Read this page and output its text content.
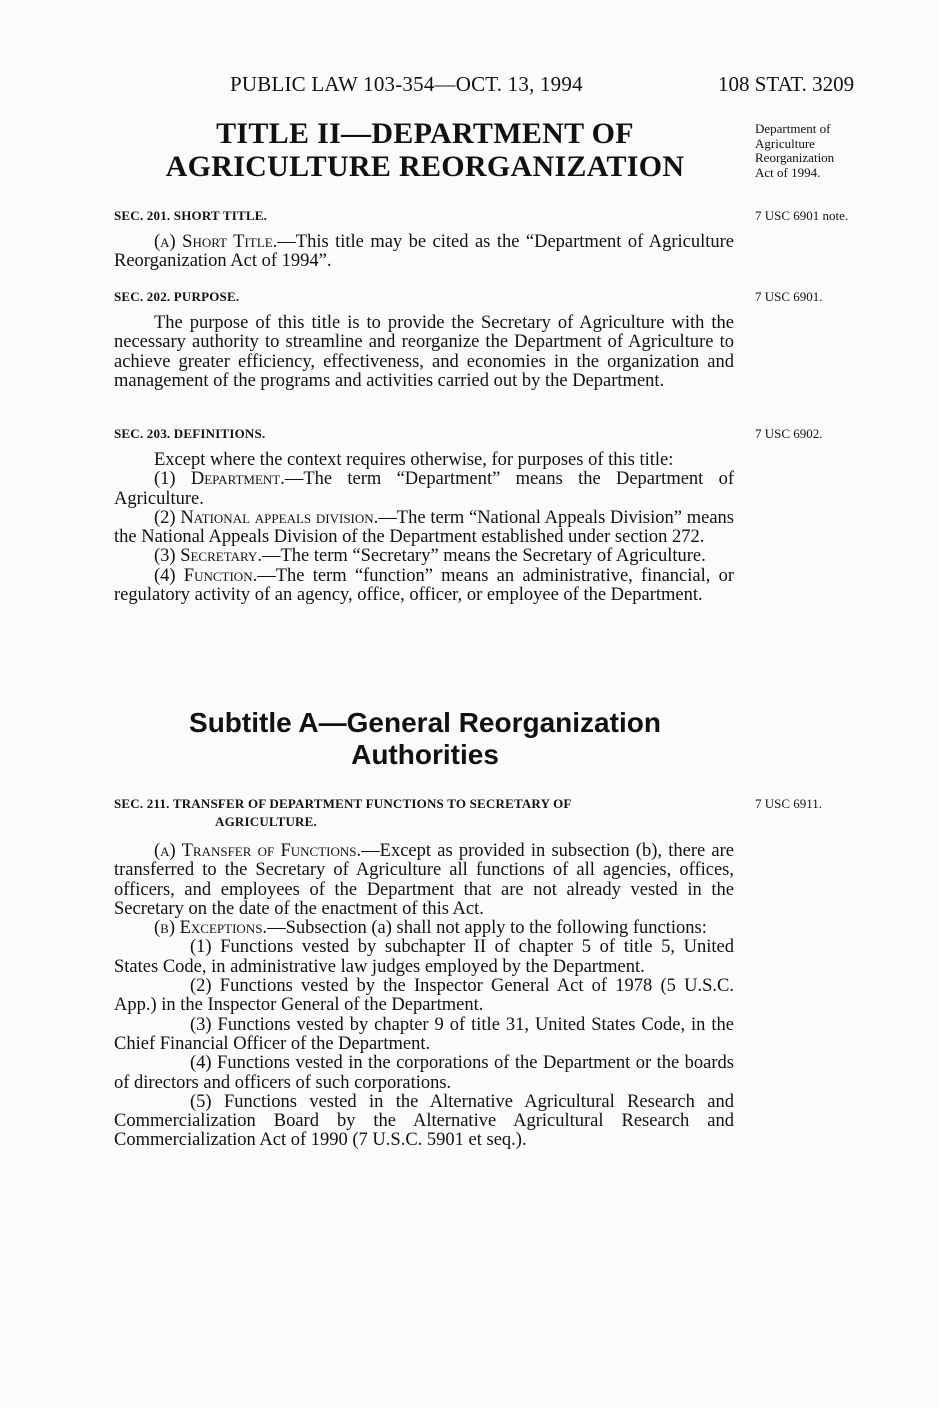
PUBLIC LAW 103-354—OCT. 13, 1994	108 STAT. 3209
TITLE II—DEPARTMENT OF
AGRICULTURE REORGANIZATION
Department of
Agriculture
Reorganization
Act of 1994.
SEC. 201. SHORT TITLE.	7 USC 6901 note.

(a) Short Title.—This title may be cited as the “Department of Agriculture Reorganization Act of 1994”.

SEC. 202. PURPOSE.	7 USC 6901.

The purpose of this title is to provide the Secretary of Agriculture with the necessary authority to streamline and reorganize the Department of Agriculture to achieve greater efficiency, effectiveness, and economies in the organization and management of the programs and activities carried out by the Department.

SEC. 203. DEFINITIONS.	7 USC 6902.

Except where the context requires otherwise, for purposes of this title:

(1) Department.—The term “Department” means the Department of Agriculture.

(2) National appeals division.—The term “National Appeals Division” means the National Appeals Division of the Department established under section 272.

(3) Secretary.—The term “Secretary” means the Secretary of Agriculture.

(4) Function.—The term “function” means an administrative, financial, or regulatory activity of an agency, office, officer, or employee of the Department.

Subtitle A—General Reorganization
Authorities
SEC. 211. TRANSFER OF DEPARTMENT FUNCTIONS TO SECRETARY OF
AGRICULTURE.
7 USC 6911.

(a) Transfer of Functions.—Except as provided in subsection (b), there are transferred to the Secretary of Agriculture all functions of all agencies, offices, officers, and employees of the Department that are not already vested in the Secretary on the date of the enactment of this Act.

(b) Exceptions.—Subsection (a) shall not apply to the following functions:

(1) Functions vested by subchapter II of chapter 5 of title 5, United States Code, in administrative law judges employed by the Department.

(2) Functions vested by the Inspector General Act of 1978 (5 U.S.C. App.) in the Inspector General of the Department.

(3) Functions vested by chapter 9 of title 31, United States Code, in the Chief Financial Officer of the Department.

(4) Functions vested in the corporations of the Department or the boards of directors and officers of such corporations.

(5) Functions vested in the Alternative Agricultural Research and Commercialization Board by the Alternative Agricultural Research and Commercialization Act of 1990 (7 U.S.C. 5901 et seq.).
